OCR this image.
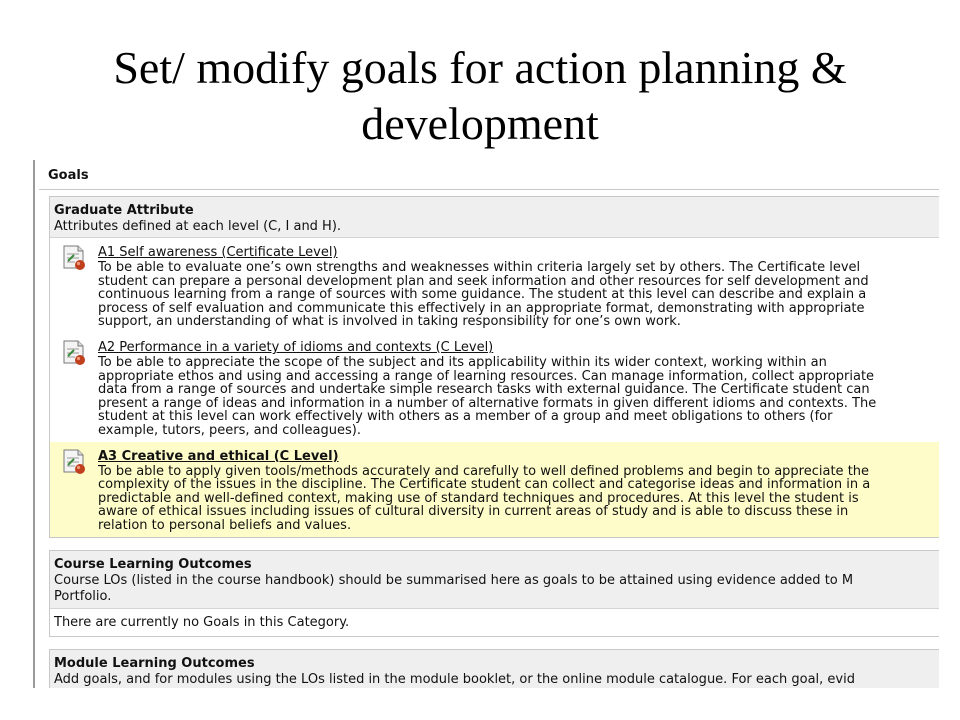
Set/ modify goals for action planning &
development
Goals
Graduate Attribute
Attributes defined at each level (C, I and H).
A1 Self awareness (Certificate Level)
To be able to evaluate one’s own strengths and weaknesses within criteria largely set by others. The Certificate level
student can prepare a personal development plan and seek information and other resources for self development and
continuous learning from a range of sources with some guidance. The student at this level can describe and explain a
process of self evaluation and communicate this effectively in an appropriate format, demonstrating with appropriate
support, an understanding of what is involved in taking responsibility for one’s own work.
A2 Performance in a variety of idioms and contexts (C Level)
To be able to appreciate the scope of the subject and its applicability within its wider context, working within an
appropriate ethos and using and accessing a range of learning resources. Can manage information, collect appropriate
data from a range of sources and undertake simple research tasks with external guidance. The Certificate student can
present a range of ideas and information in a number of alternative formats in given different idioms and contexts. The
student at this level can work effectively with others as a member of a group and meet obligations to others (for
example, tutors, peers, and colleagues).
A3 Creative and ethical (C Level)
To be able to apply given tools/methods accurately and carefully to well defined problems and begin to appreciate the
complexity of the issues in the discipline. The Certificate student can collect and categorise ideas and information in a
predictable and well-defined context, making use of standard techniques and procedures. At this level the student is
aware of ethical issues including issues of cultural diversity in current areas of study and is able to discuss these in
relation to personal beliefs and values.
Course Learning Outcomes
Course LOs (listed in the course handbook) should be summarised here as goals to be attained using evidence added to M
Portfolio.
There are currently no Goals in this Category.
Module Learning Outcomes
Add goals, and for modules using the LOs listed in the module booklet, or the online module catalogue. For each goal, evid
